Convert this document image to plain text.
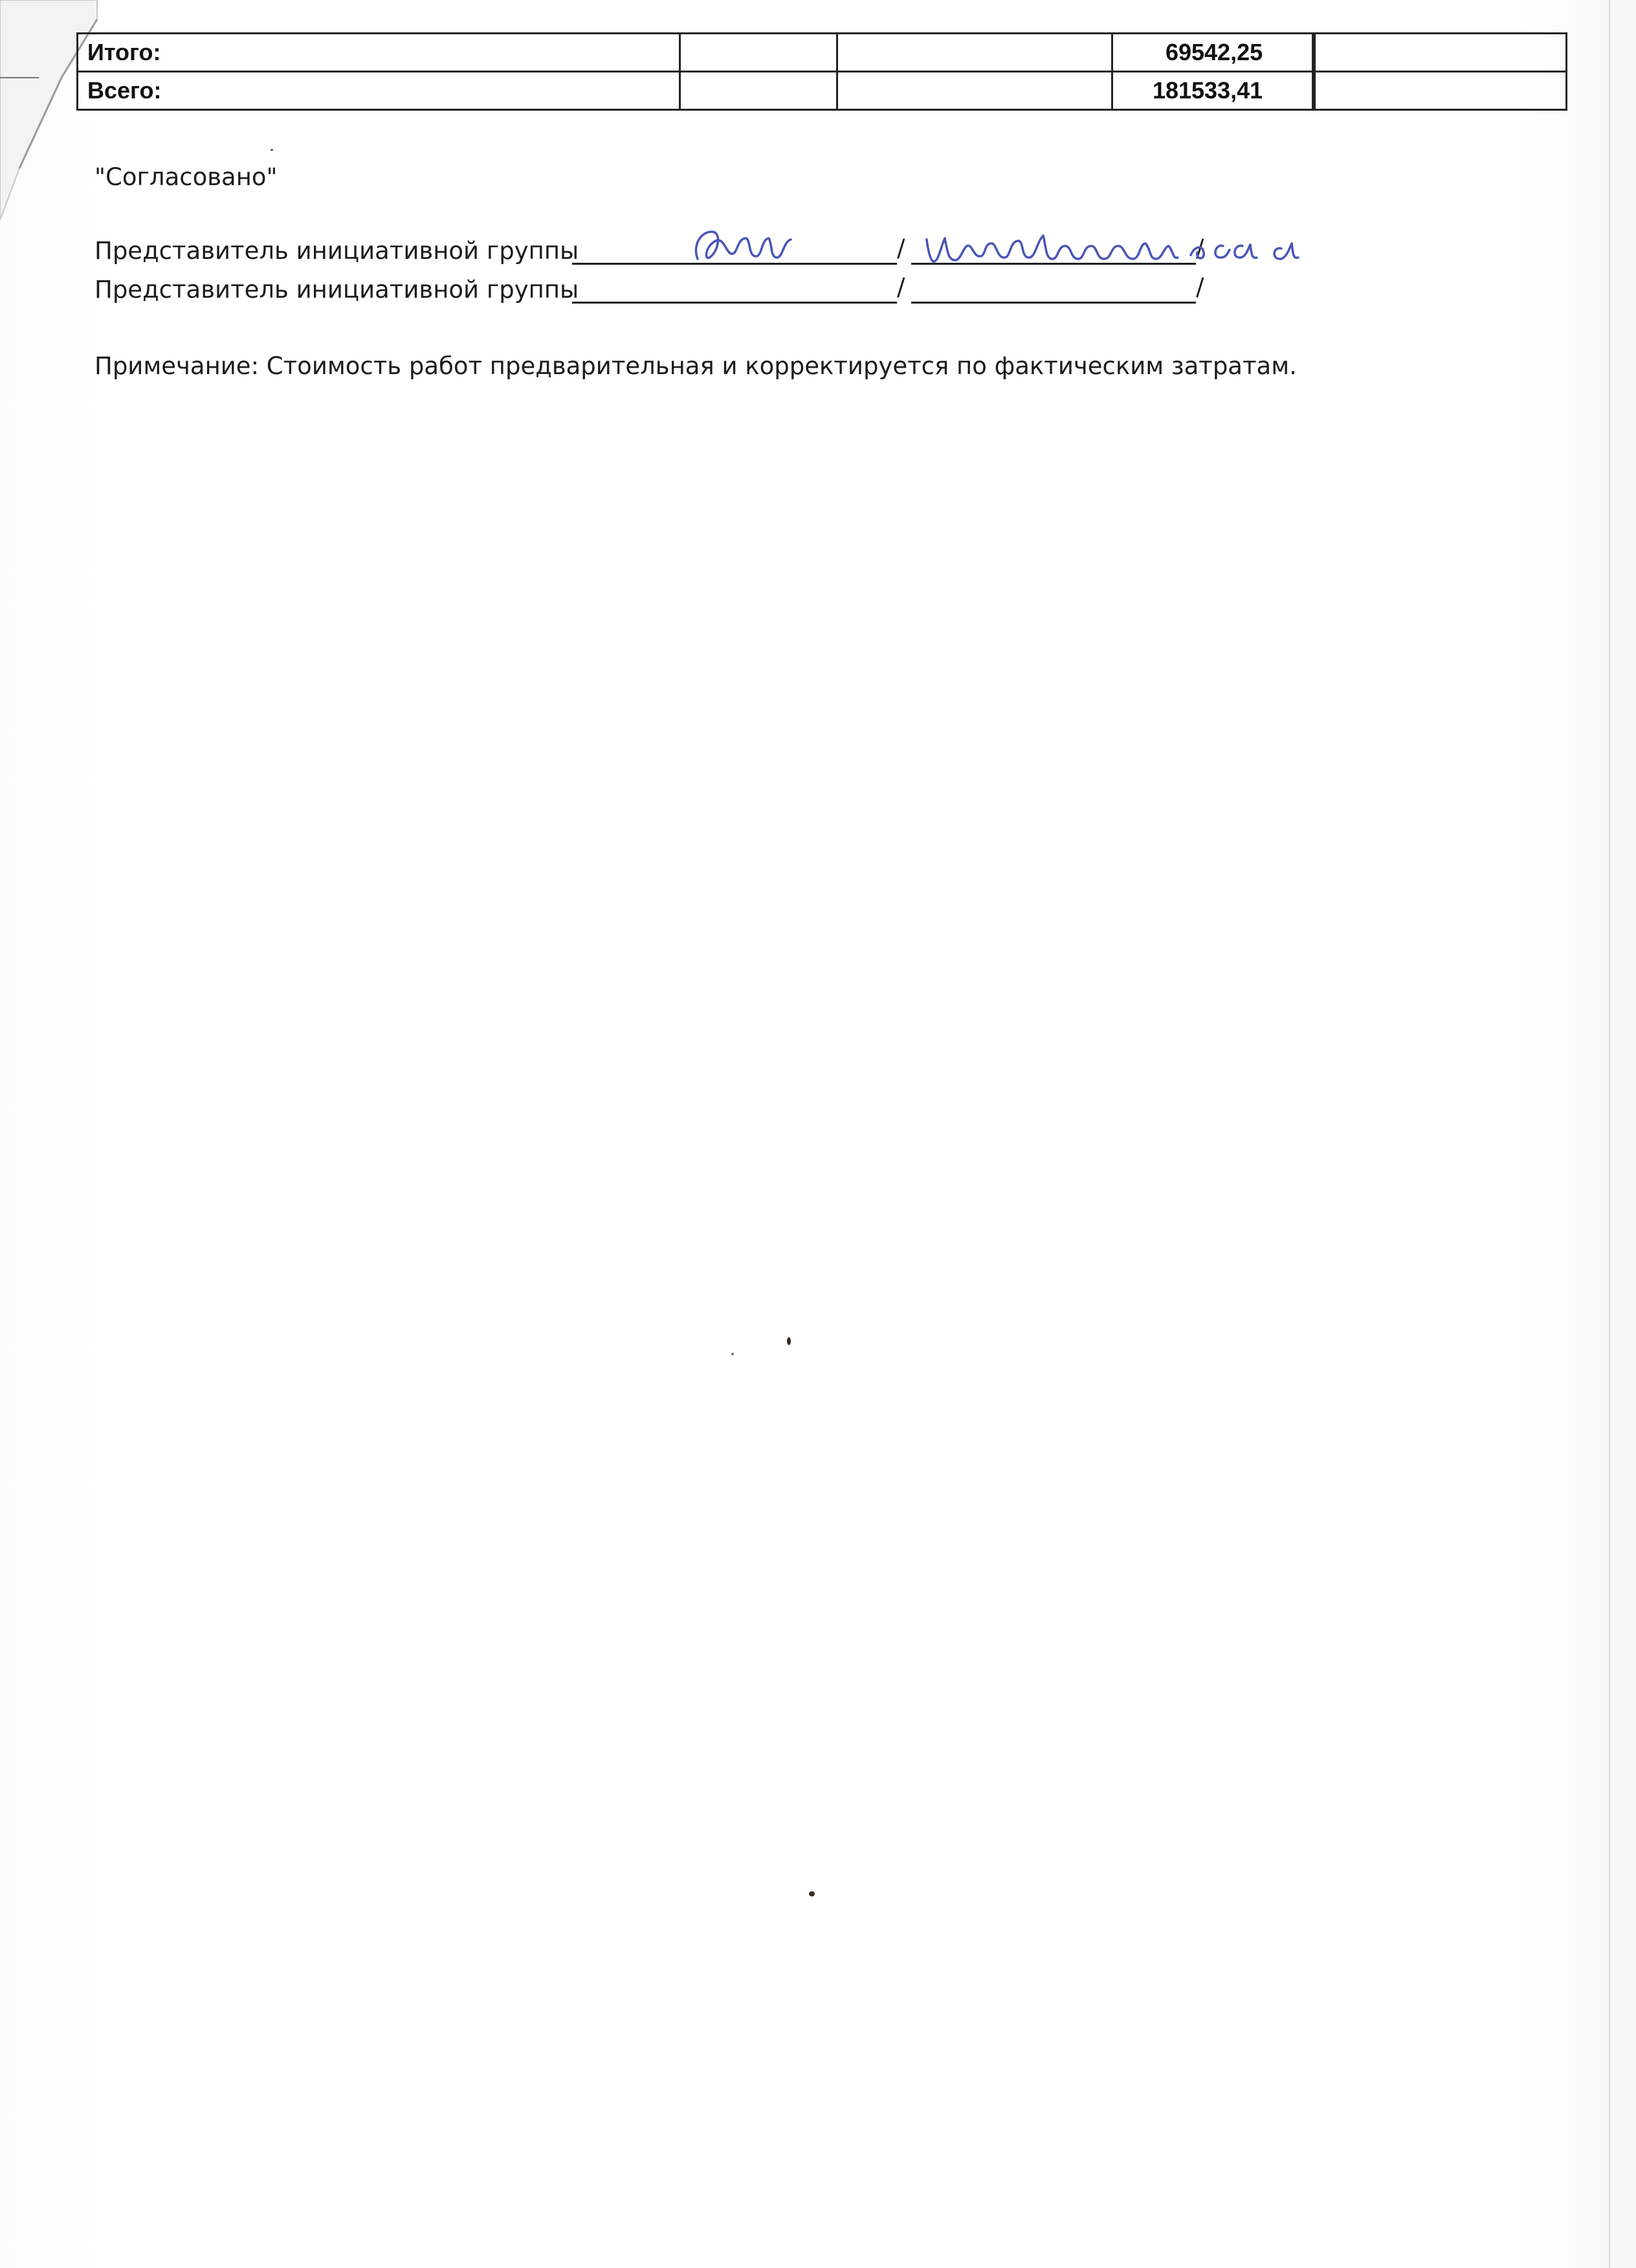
Итого:			69542,25	
Всего:			181533,41	
"Согласовано"
Представитель инициативной группы	/	/
Представитель инициативной группы	/	/
Примечание: Стоимость работ предварительная и корректируется по фактическим затратам.
